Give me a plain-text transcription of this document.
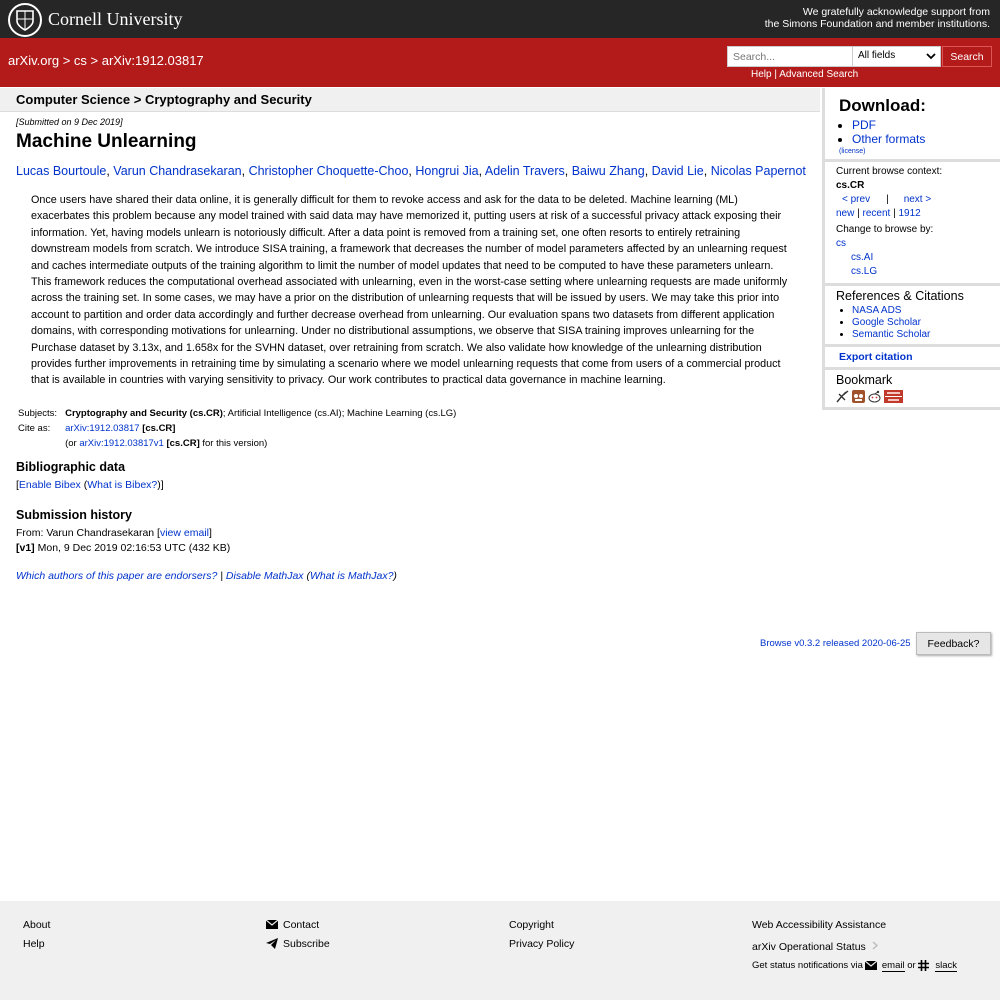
Cornell University	We gratefully acknowledge support from
the Simons Foundation and member institutions.
arXiv.org > cs > arXiv:1912.03817
Search...	All fields	Search
Help | Advanced Search
Computer Science > Cryptography and Security
[Submitted on 9 Dec 2019]
Machine Unlearning
Lucas Bourtoule, Varun Chandrasekaran, Christopher Choquette-Choo, Hongrui Jia, Adelin Travers, Baiwu Zhang, David Lie, Nicolas Papernot

Once users have shared their data online, it is generally difficult for them to revoke access and ask for the data to be deleted. Machine learning (ML) exacerbates this problem because any model trained with said data may have memorized it, putting users at risk of a successful privacy attack exposing their information. Yet, having models unlearn is notoriously difficult. After a data point is removed from a training set, one often resorts to entirely retraining downstream models from scratch. We introduce SISA training, a framework that decreases the number of model parameters affected by an unlearning request and caches intermediate outputs of the training algorithm to limit the number of model updates that need to be computed to have these parameters unlearn. This framework reduces the computational overhead associated with unlearning, even in the worst-case setting where unlearning requests are made uniformly across the training set. In some cases, we may have a prior on the distribution of unlearning requests that will be issued by users. We may take this prior into account to partition and order data accordingly and further decrease overhead from unlearning. Our evaluation spans two datasets from different application domains, with corresponding motivations for unlearning. Under no distributional assumptions, we observe that SISA training improves unlearning for the Purchase dataset by 3.13x, and 1.658x for the SVHN dataset, over retraining from scratch. We also validate how knowledge of the unlearning distribution provides further improvements in retraining time by simulating a scenario where we model unlearning requests that come from users of a commercial product that is available in countries with varying sensitivity to privacy. Our work contributes to practical data governance in machine learning.

Subjects:	Cryptography and Security (cs.CR); Artificial Intelligence (cs.AI); Machine Learning (cs.LG)
Cite as:	arXiv:1912.03817 [cs.CR]
	(or arXiv:1912.03817v1 [cs.CR] for this version)
Bibliographic data
[Enable Bibex (What is Bibex?)]
Submission history
From: Varun Chandrasekaran [view email]
[v1] Mon, 9 Dec 2019 02:16:53 UTC (432 KB)
Which authors of this paper are endorsers? | Disable MathJax (What is MathJax?)
Browse v0.3.2 released 2020-06-25	Feedback?
Download:
• PDF
• Other formats
(license)
Current browse context:
cs.CR
< prev | next >
new | recent | 1912
Change to browse by:
cs
cs.AI
cs.LG
References & Citations
• NASA ADS
• Google Scholar
• Semantic Scholar
Export citation
Bookmark
About
Help
Contact
Subscribe
Copyright
Privacy Policy
Web Accessibility Assistance
arXiv Operational Status
Get status notifications via email or slack
